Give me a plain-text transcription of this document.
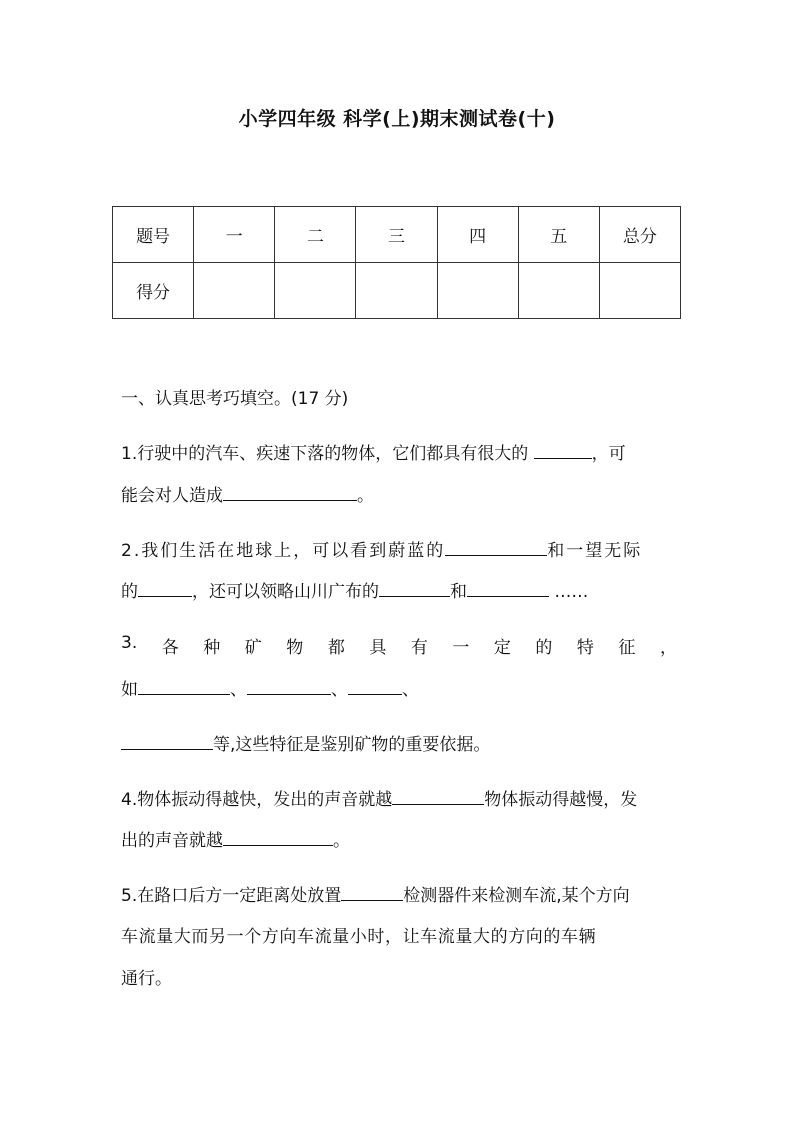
小学四年级 科学(上)期末测试卷(十)
题号	一	二	三	四	五	总分
得分						
一、认真思考巧填空。(17 分)
1.行驶中的汽车、疾速下落的物体，它们都具有很大的	，可
能会对人造成	。
2.我们生活在地球上，可以看到蔚蓝的	和一望无际
的	，还可以领略山川广布的	和	……
3. 各 种 矿 物 都 具 有 一 定 的 特 征 ，
如	、	、	、
等,这些特征是鉴别矿物的重要依据。
4.物体振动得越快，发出的声音就越	物体振动得越慢，发
出的声音就越	。
5.在路口后方一定距离处放置	检测器件来检测车流,某个方向
车流量大而另一个方向车流量小时，让车流量大的方向的车辆
通行。
